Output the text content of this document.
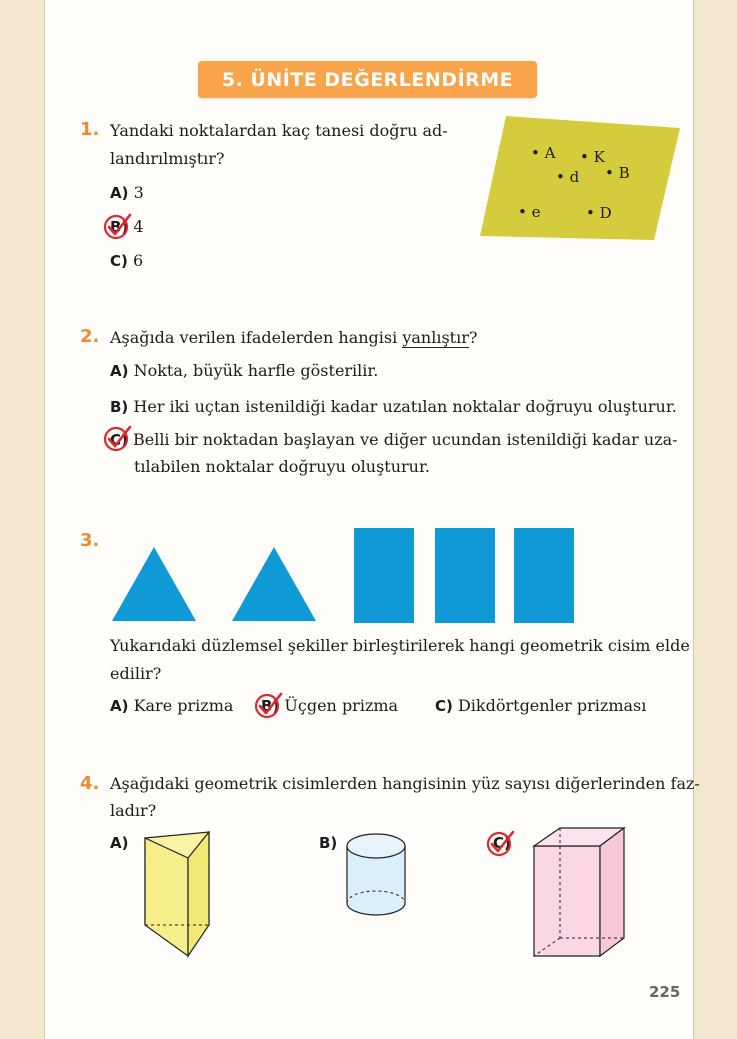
5. ÜNİTE DEĞERLENDİRME
1. Yandaki noktalardan kaç tanesi doğru ad-
landırılmıştır?
A) 3
B) 4
C) 6
• A • K
• d • B
• e	• D
2. Aşağıda verilen ifadelerden hangisi yanlıştır?
A) Nokta, büyük harfle gösterilir.
B) Her iki uçtan istenildiği kadar uzatılan noktalar doğruyu oluşturur.
C) Belli bir noktadan başlayan ve diğer ucundan istenildiği kadar uza-
tılabilen noktalar doğruyu oluşturur.
3.
Yukarıdaki düzlemsel şekiller birleştirilerek hangi geometrik cisim elde
edilir?
A) Kare prizma B) Üçgen prizma C) Dikdörtgenler prizması
4. Aşağıdaki geometrik cisimlerden hangisinin yüz sayısı diğerlerinden faz-
ladır?
A)	B)	C)
225
